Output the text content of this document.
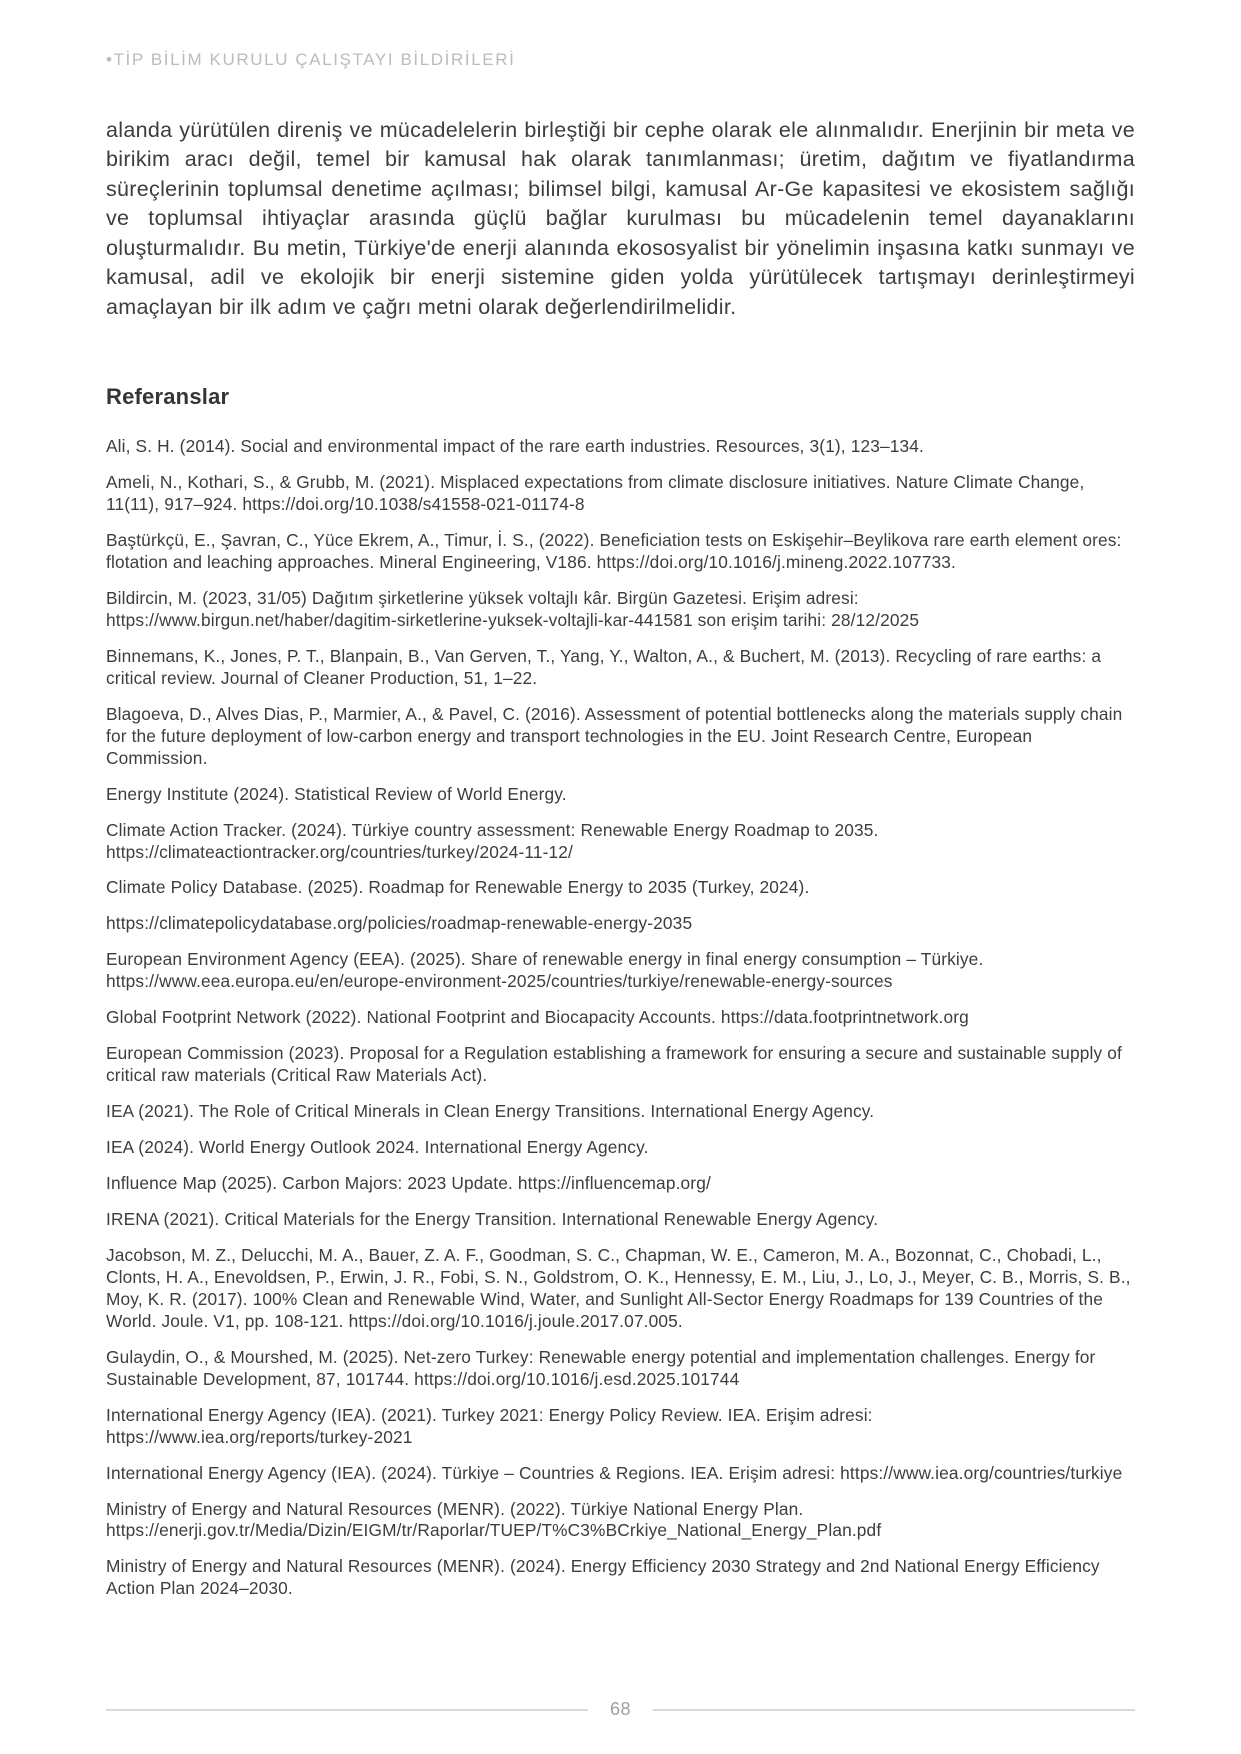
•TİP BİLİM KURULU ÇALIŞTAYI BİLDİRİLERİ

alanda yürütülen direniş ve mücadelelerin birleştiği bir cephe olarak ele alınmalıdır. Enerjinin bir meta ve birikim aracı değil, temel bir kamusal hak olarak tanımlanması; üretim, dağıtım ve fiyatlandırma süreçlerinin toplumsal denetime açılması; bilimsel bilgi, kamusal Ar-Ge kapasitesi ve ekosistem sağlığı ve toplumsal ihtiyaçlar arasında güçlü bağlar kurulması bu mücadelenin temel dayanaklarını oluşturmalıdır. Bu metin, Türkiye'de enerji alanında ekososyalist bir yönelimin inşasına katkı sunmayı ve kamusal, adil ve ekolojik bir enerji sistemine giden yolda yürütülecek tartışmayı derinleştirmeyi amaçlayan bir ilk adım ve çağrı metni olarak değerlendirilmelidir.

Referanslar

Ali, S. H. (2014). Social and environmental impact of the rare earth industries. Resources, 3(1), 123–134.

Ameli, N., Kothari, S., & Grubb, M. (2021). Misplaced expectations from climate disclosure initiatives. Nature Climate Change, 11(11), 917–924. https://doi.org/10.1038/s41558-021-01174-8

Baştürkçü, E., Şavran, C., Yüce Ekrem, A., Timur, İ. S., (2022). Beneficiation tests on Eskişehir–Beylikova rare earth element ores: flotation and leaching approaches. Mineral Engineering, V186. https://doi.org/10.1016/j.mineng.2022.107733.

Bildircin, M. (2023, 31/05) Dağıtım şirketlerine yüksek voltajlı kâr. Birgün Gazetesi. Erişim adresi: https://www.birgun.net/haber/dagitim-sirketlerine-yuksek-voltajli-kar-441581 son erişim tarihi: 28/12/2025

Binnemans, K., Jones, P. T., Blanpain, B., Van Gerven, T., Yang, Y., Walton, A., & Buchert, M. (2013). Recycling of rare earths: a critical review. Journal of Cleaner Production, 51, 1–22.

Blagoeva, D., Alves Dias, P., Marmier, A., & Pavel, C. (2016). Assessment of potential bottlenecks along the materials supply chain for the future deployment of low-carbon energy and transport technologies in the EU. Joint Research Centre, European Commission.

Energy Institute (2024). Statistical Review of World Energy.

Climate Action Tracker. (2024). Türkiye country assessment: Renewable Energy Roadmap to 2035. https://climateactiontracker.org/countries/turkey/2024-11-12/

Climate Policy Database. (2025). Roadmap for Renewable Energy to 2035 (Turkey, 2024).

https://climatepolicydatabase.org/policies/roadmap-renewable-energy-2035

European Environment Agency (EEA). (2025). Share of renewable energy in final energy consumption – Türkiye. https://www.eea.europa.eu/en/europe-environment-2025/countries/turkiye/renewable-energy-sources

Global Footprint Network (2022). National Footprint and Biocapacity Accounts. https://data.footprintnetwork.org

European Commission (2023). Proposal for a Regulation establishing a framework for ensuring a secure and sustainable supply of critical raw materials (Critical Raw Materials Act).

IEA (2021). The Role of Critical Minerals in Clean Energy Transitions. International Energy Agency.

IEA (2024). World Energy Outlook 2024. International Energy Agency.

Influence Map (2025). Carbon Majors: 2023 Update. https://influencemap.org/

IRENA (2021). Critical Materials for the Energy Transition. International Renewable Energy Agency.

Jacobson, M. Z., Delucchi, M. A., Bauer, Z. A. F., Goodman, S. C., Chapman, W. E., Cameron, M. A., Bozonnat, C., Chobadi, L., Clonts, H. A., Enevoldsen, P., Erwin, J. R., Fobi, S. N., Goldstrom, O. K., Hennessy, E. M., Liu, J., Lo, J., Meyer, C. B., Morris, S. B., Moy, K. R. (2017). 100% Clean and Renewable Wind, Water, and Sunlight All-Sector Energy Roadmaps for 139 Countries of the World. Joule. V1, pp. 108-121. https://doi.org/10.1016/j.joule.2017.07.005.

Gulaydin, O., & Mourshed, M. (2025). Net-zero Turkey: Renewable energy potential and implementation challenges. Energy for Sustainable Development, 87, 101744. https://doi.org/10.1016/j.esd.2025.101744

International Energy Agency (IEA). (2021). Turkey 2021: Energy Policy Review. IEA. Erişim adresi: https://www.iea.org/reports/turkey-2021

International Energy Agency (IEA). (2024). Türkiye – Countries & Regions. IEA. Erişim adresi: https://www.iea.org/countries/turkiye

Ministry of Energy and Natural Resources (MENR). (2022). Türkiye National Energy Plan. https://enerji.gov.tr/Media/Dizin/EIGM/tr/Raporlar/TUEP/T%C3%BCrkiye_National_Energy_Plan.pdf

Ministry of Energy and Natural Resources (MENR). (2024). Energy Efficiency 2030 Strategy and 2nd National Energy Efficiency Action Plan 2024–2030.

68
